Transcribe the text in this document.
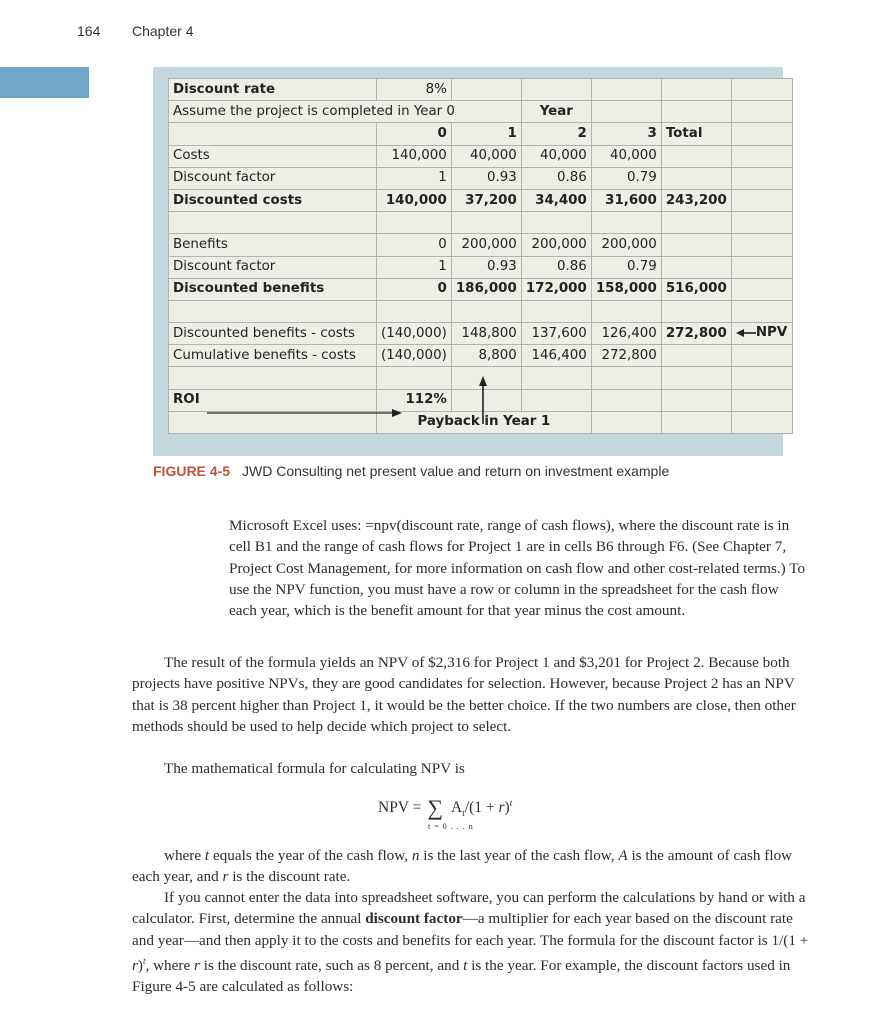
164 Chapter 4
Discount rate	8%					
Assume the project is completed in Year 0			Year			
	0	1	2	3	Total	
Costs	140,000	40,000	40,000	40,000		
Discount factor	1	0.93	0.86	0.79		
Discounted costs	140,000	37,200	34,400	31,600	243,200	

Benefits	0	200,000	200,000	200,000		
Discount factor	1	0.93	0.86	0.79		
Discounted benefits	0	186,000	172,000	158,000	516,000	

Discounted benefits - costs	(140,000)	148,800	137,600	126,400	272,800	NPV

Cumulative benefits - costs	(140,000)	8,800	146,400	272,800		

ROI	112%					
	Payback in Year 1					
FIGURE 4-5 JWD Consulting net present value and return on investment example
Microsoft Excel uses: =npv(discount rate, range of cash flows), where the discount rate is in cell B1 and the range of cash flows for Project 1 are in cells B6 through F6. (See Chapter 7, Project Cost Management, for more information on cash flow and other cost-related terms.) To use the NPV function, you must have a row or column in the spreadsheet for the cash flow each year, which is the benefit amount for that year minus the cost amount.
The result of the formula yields an NPV of $2,316 for Project 1 and $3,201 for Project 2. Because both projects have positive NPVs, they are good candidates for selection. However, because Project 2 has an NPV that is 38 percent higher than Project 1, it would be the better choice. If the two numbers are close, then other methods should be used to help decide which project to select.
The mathematical formula for calculating NPV is
NPV = ∑ $A_t/(1 + r)^t$
t = 0 . . . n
where t equals the year of the cash flow, n is the last year of the cash flow, A is the amount of cash flow each year, and r is the discount rate.
If you cannot enter the data into spreadsheet software, you can perform the calculations by hand or with a calculator. First, determine the annual discount factor—a multiplier for each year based on the discount rate and year—and then apply it to the costs and benefits for each year. The formula for the discount factor is $1/(1 + r)^t$, where r is the discount rate, such as 8 percent, and t is the year. For example, the discount factors used in Figure 4-5 are calculated as follows:
